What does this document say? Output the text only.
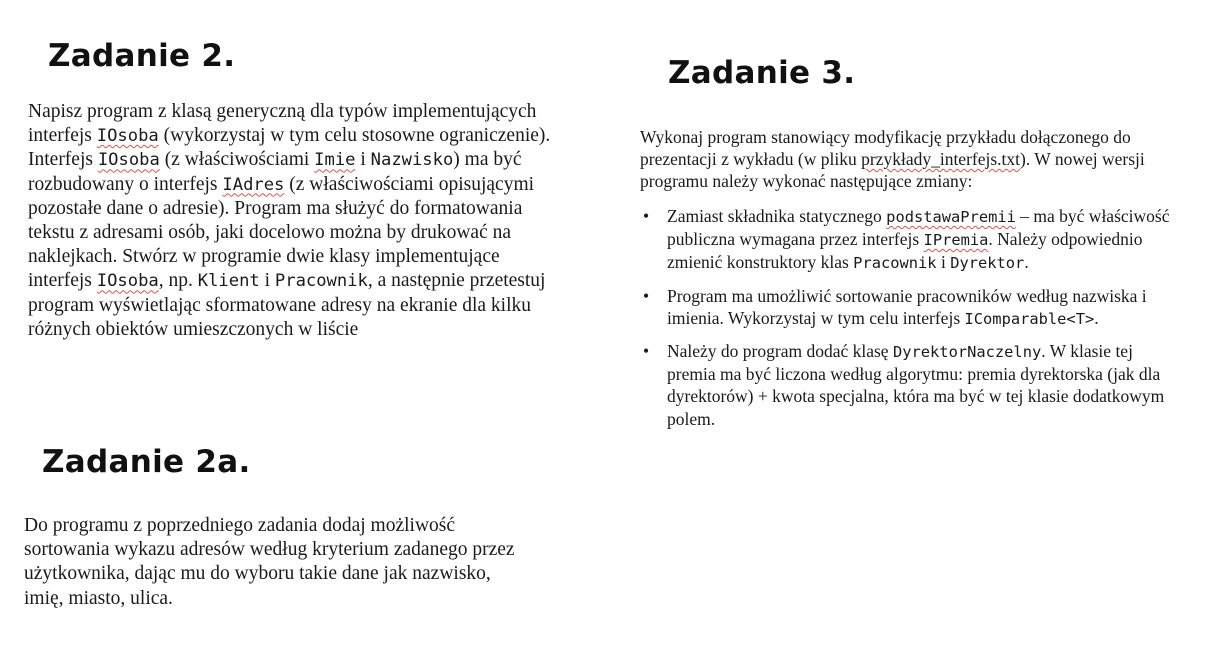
Zadanie 2.

Napisz program z klasą generyczną dla typów implementujących interfejs IOsoba (wykorzystaj w tym celu stosowne ograniczenie). Interfejs IOsoba (z właściwościami Imie i Nazwisko) ma być rozbudowany o interfejs IAdres (z właściwościami opisującymi pozostałe dane o adresie). Program ma służyć do formatowania tekstu z adresami osób, jaki docelowo można by drukować na naklejkach. Stwórz w programie dwie klasy implementujące interfejs IOsoba, np. Klient i Pracownik, a następnie przetestuj program wyświetlając sformatowane adresy na ekranie dla kilku różnych obiektów umieszczonych w liście

Zadanie 2a.

Do programu z poprzedniego zadania dodaj możliwość sortowania wykazu adresów według kryterium zadanego przez użytkownika, dając mu do wyboru takie dane jak nazwisko, imię, miasto, ulica.

Zadanie 3.

Wykonaj program stanowiący modyfikację przykładu dołączonego do prezentacji z wykładu (w pliku przykłady_interfejs.txt). W nowej wersji programu należy wykonać następujące zmiany:

• Zamiast składnika statycznego podstawaPremii – ma być właściwość publiczna wymagana przez interfejs IPremia. Należy odpowiednio zmienić konstruktory klas Pracownik i Dyrektor.
• Program ma umożliwić sortowanie pracowników według nazwiska i imienia. Wykorzystaj w tym celu interfejs IComparable<T>.
• Należy do program dodać klasę DyrektorNaczelny. W klasie tej premia ma być liczona według algorytmu: premia dyrektorska (jak dla dyrektorów) + kwota specjalna, która ma być w tej klasie dodatkowym polem.
